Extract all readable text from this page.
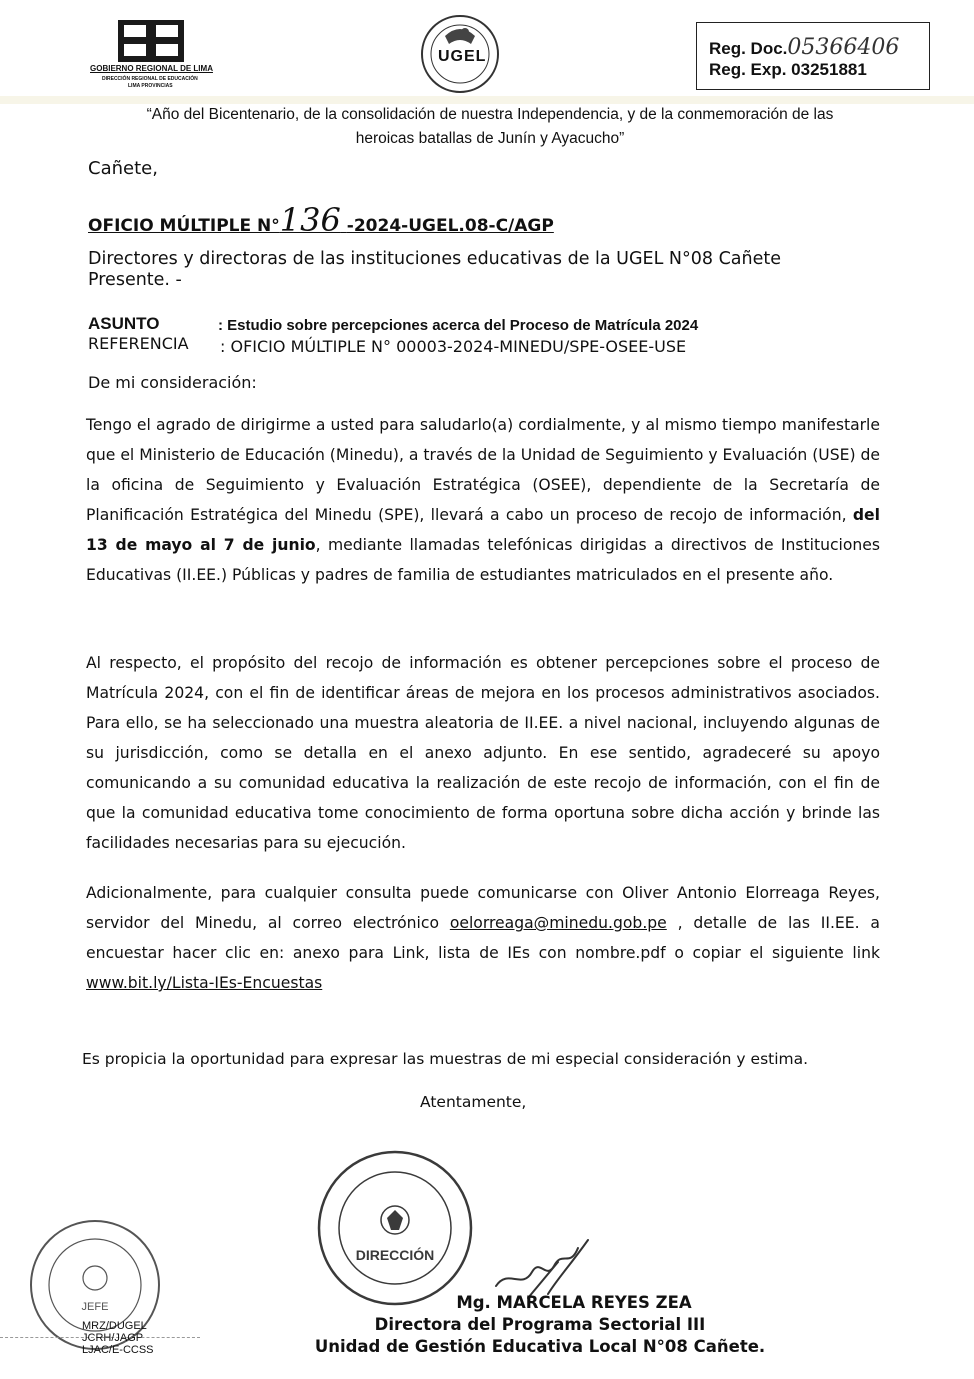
GOBIERNO REGIONAL DE LIMA
DIRECCIÓN REGIONAL DE EDUCACIÓN
LIMA PROVINCIAS
UGEL	Reg. Doc.05366406
Reg. Exp. 03251881
“Año del Bicentenario, de la consolidación de nuestra Independencia, y de la conmemoración de las
heroicas batallas de Junín y Ayacucho”
Cañete,
OFICIO MÚLTIPLE N°136 -2024-UGEL.08-C/AGP
Directores y directoras de las instituciones educativas de la UGEL N°08 Cañete
Presente. -
ASUNTO	: Estudio sobre percepciones acerca del Proceso de Matrícula 2024
REFERENCIA : OFICIO MÚLTIPLE N° 00003-2024-MINEDU/SPE-OSEE-USE
De mi consideración:
Tengo el agrado de dirigirme a usted para saludarlo(a) cordialmente, y al mismo tiempo manifestarle que el Ministerio de Educación (Minedu), a través de la Unidad de Seguimiento y Evaluación (USE) de la oficina de Seguimiento y Evaluación Estratégica (OSEE), dependiente de la Secretaría de Planificación Estratégica del Minedu (SPE), llevará a cabo un proceso de recojo de información, del 13 de mayo al 7 de junio, mediante llamadas telefónicas dirigidas a directivos de Instituciones Educativas (II.EE.) Públicas y padres de familia de estudiantes matriculados en el presente año.
Al respecto, el propósito del recojo de información es obtener percepciones sobre el proceso de Matrícula 2024, con el fin de identificar áreas de mejora en los procesos administrativos asociados. Para ello, se ha seleccionado una muestra aleatoria de II.EE. a nivel nacional, incluyendo algunas de su jurisdicción, como se detalla en el anexo adjunto. En ese sentido, agradeceré su apoyo comunicando a su comunidad educativa la realización de este recojo de información, con el fin de que la comunidad educativa tome conocimiento de forma oportuna sobre dicha acción y brinde las facilidades necesarias para su ejecución.
Adicionalmente, para cualquier consulta puede comunicarse con Oliver Antonio Elorreaga Reyes, servidor del Minedu, al correo electrónico oelorreaga@minedu.gob.pe , detalle de las II.EE. a encuestar hacer clic en: anexo para Link, lista de IEs con nombre.pdf o copiar el siguiente link www.bit.ly/Lista-IEs-Encuestas
Es propicia la oportunidad para expresar las muestras de mi especial consideración y estima.
Atentamente,
DIRECCIÓN
JEFE	Mg. MARCELA REYES ZEA
Directora del Programa Sectorial III
Unidad de Gestión Educativa Local N°08 Cañete.
MRZ/DUGEL
JCRH/JAGP
LJAC/E-CCSS
